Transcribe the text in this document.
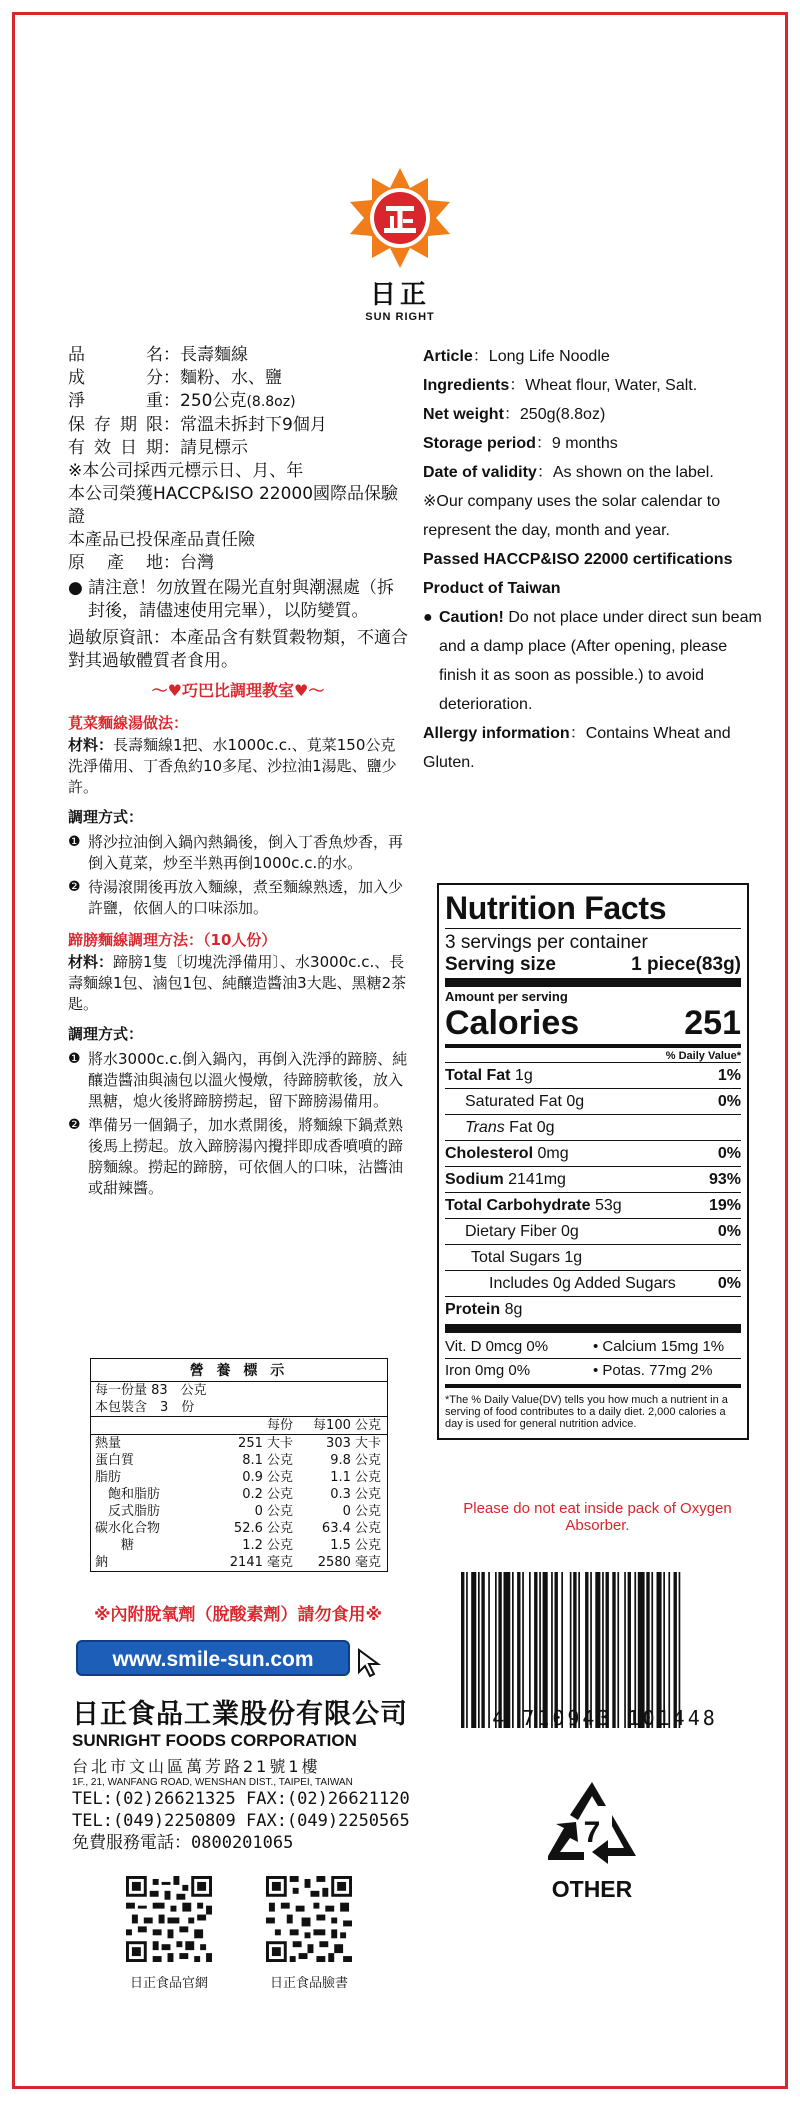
日正
SUN RIGHT
品　　名 ： 長壽麵線
成　　分 ： 麵粉、水、鹽
淨　　重 ： 250公克(8.8oz)
保存期限 ： 常溫未拆封下9個月
有效日期 ： 請見標示
※本公司採西元標示日、月、年
本公司榮獲HACCP&ISO 22000國際品保驗證
本產品已投保產品責任險
原 產 地 ： 台灣
● 請注意！勿放置在陽光直射與潮濕處（拆封後，請儘速使用完畢），以防變質。
過敏原資訊：本產品含有麩質穀物類，不適合對其過敏體質者食用。
～♥巧巴比調理教室♥～
莧菜麵線湯做法：
材料：長壽麵線1把、水1000c.c.、莧菜150公克洗淨備用、丁香魚約10多尾、沙拉油1湯匙、鹽少許。
調理方式：
❶ 將沙拉油倒入鍋內熱鍋後，倒入丁香魚炒香，再倒入莧菜，炒至半熟再倒1000c.c.的水。
❷ 待湯滾開後再放入麵線，煮至麵線熟透，加入少許鹽，依個人的口味添加。
蹄膀麵線調理方法：（10人份）
材料：蹄膀1隻〔切塊洗淨備用〕、水3000c.c.、長壽麵線1包、滷包1包、純釀造醬油3大匙、黑糖2茶匙。
調理方式：
❶ 將水3000c.c.倒入鍋內，再倒入洗淨的蹄膀、純釀造醬油與滷包以溫火慢燉，待蹄膀軟後，放入黑糖，熄火後將蹄膀撈起，留下蹄膀湯備用。
❷ 準備另一個鍋子，加水煮開後，將麵線下鍋煮熟後馬上撈起。放入蹄膀湯內攪拌即成香噴噴的蹄膀麵線。撈起的蹄膀，可依個人的口味，沾醬油或甜辣醬。
營 養 標 示
每一份量 83　公克
本包裝含　3　份
每份	每100 公克
熱量	251 大卡	303 大卡
蛋白質	8.1 公克	9.8 公克
脂肪	0.9 公克	1.1 公克
　飽和脂肪	0.2 公克	0.3 公克
　反式脂肪	0 公克	0 公克
碳水化合物	52.6 公克	63.4 公克
　　糖	1.2 公克	1.5 公克
鈉	2141 毫克	2580 毫克
※內附脫氧劑（脫酸素劑）請勿食用※
www.smile-sun.com
日正食品工業股份有限公司
SUNRIGHT FOODS CORPORATION
台北市文山區萬芳路21號1樓
1F., 21, WANFANG ROAD, WENSHAN DIST., TAIPEI, TAIWAN
TEL:(02)26621325 FAX:(02)26621120
TEL:(049)2250809 FAX:(049)2250565
免費服務電話：0800201065
日正食品官網	日正食品臉書
Article：Long Life Noodle
Ingredients：Wheat flour, Water, Salt.
Net weight：250g(8.8oz)
Storage period：9 months
Date of validity：As shown on the label.
※Our company uses the solar calendar to represent the day, month and year.
Passed HACCP&ISO 22000 certifications
Product of Taiwan
● Caution! Do not place under direct sun beam and a damp place (After opening, please finish it as soon as possible.) to avoid deterioration.
Allergy information：Contains Wheat and Gluten.
Nutrition Facts
3 servings per container
Serving size	1 piece(83g)
Amount per serving
Calories	251
% Daily Value*
Total Fat 1g	1%
Saturated Fat 0g	0%
Trans Fat 0g
Cholesterol 0mg	0%
Sodium 2141mg	93%
Total Carbohydrate 53g	19%
Dietary Fiber 0g	0%
Total Sugars 1g
Includes 0g Added Sugars	0%
Protein 8g
Vit. D 0mcg 0%	• Calcium 15mg 1%
Iron 0mg 0%	• Potas. 77mg 2%
*The % Daily Value(DV) tells you how much a nutrient in a serving of food contributes to a daily diet. 2,000 calories a day is used for general nutrition advice.
Please do not eat inside pack of Oxygen Absorber.
4 710943 101448
7
OTHER
